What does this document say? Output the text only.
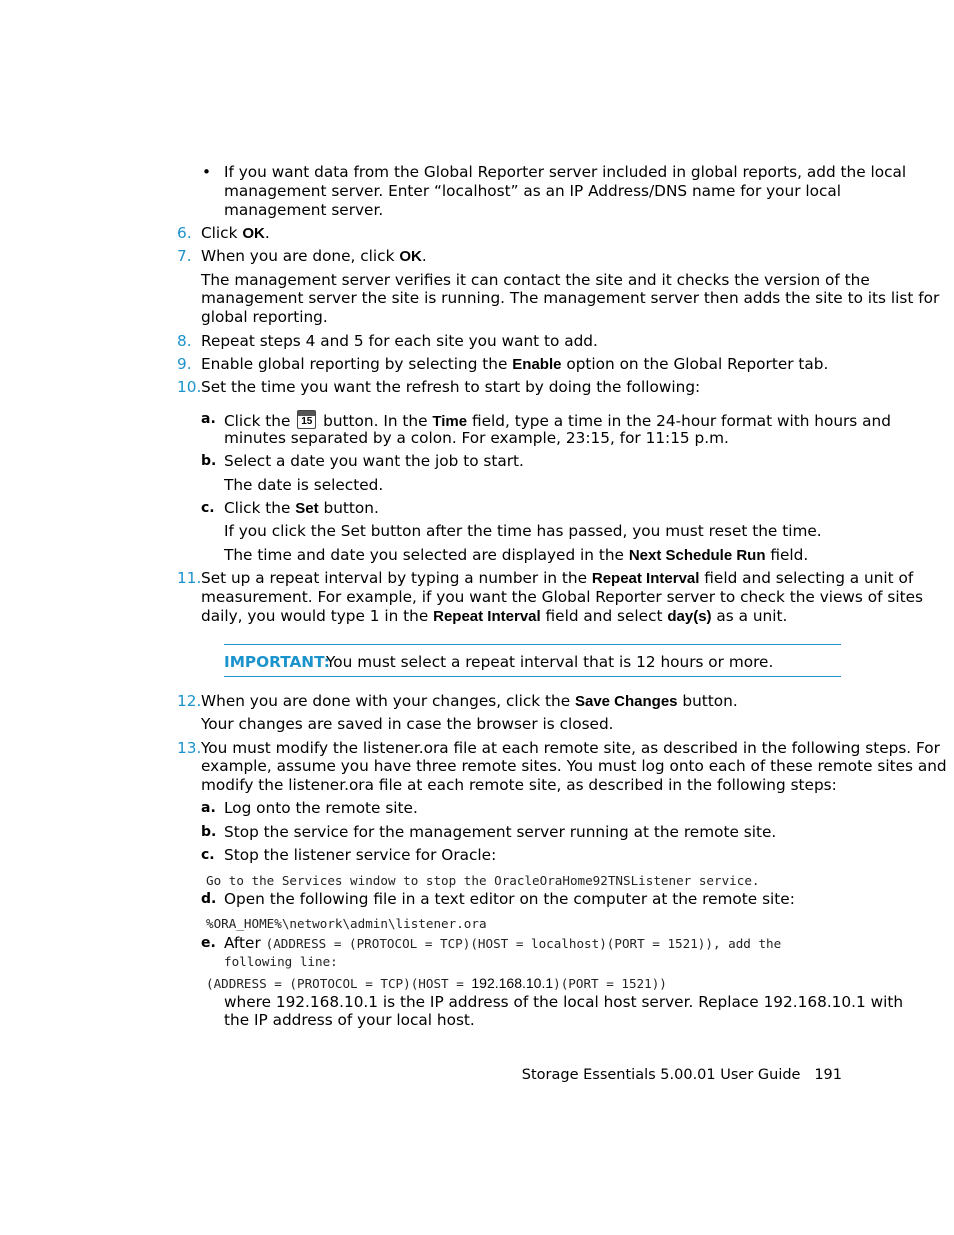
• If you want data from the Global Reporter server included in global reports, add the local
management server. Enter “localhost” as an IP Address/DNS name for your local
management server.
6. Click OK.
7. When you are done, click OK.
The management server verifies it can contact the site and it checks the version of the
management server the site is running. The management server then adds the site to its list for
global reporting.
8. Repeat steps 4 and 5 for each site you want to add.
9. Enable global reporting by selecting the Enable option on the Global Reporter tab.
10. Set the time you want the refresh to start by doing the following:
a. Click the 15 button. In the Time field, type a time in the 24-hour format with hours and
minutes separated by a colon. For example, 23:15, for 11:15 p.m.
b. Select a date you want the job to start.
The date is selected.
c. Click the Set button.
If you click the Set button after the time has passed, you must reset the time.
The time and date you selected are displayed in the Next Schedule Run field.
11. Set up a repeat interval by typing a number in the Repeat Interval field and selecting a unit of
measurement. For example, if you want the Global Reporter server to check the views of sites
daily, you would type 1 in the Repeat Interval field and select day(s) as a unit.
IMPORTANT:
You must select a repeat interval that is 12 hours or more.
12. When you are done with your changes, click the Save Changes button.
Your changes are saved in case the browser is closed.
13. You must modify the listener.ora file at each remote site, as described in the following steps. For
example, assume you have three remote sites. You must log onto each of these remote sites and
modify the listener.ora file at each remote site, as described in the following steps:
a. Log onto the remote site.
b. Stop the service for the management server running at the remote site.
c. Stop the listener service for Oracle:
Go to the Services window to stop the OracleOraHome92TNSListener service.
d. Open the following file in a text editor on the computer at the remote site:
%ORA_HOME%\network\admin\listener.ora
e. After (ADDRESS = (PROTOCOL = TCP)(HOST = localhost)(PORT = 1521)), add the
following line:
(ADDRESS = (PROTOCOL = TCP)(HOST = 192.168.10.1)(PORT = 1521))
where 192.168.10.1 is the IP address of the local host server. Replace 192.168.10.1 with
the IP address of your local host.
Storage Essentials 5.00.01 User Guide 191
